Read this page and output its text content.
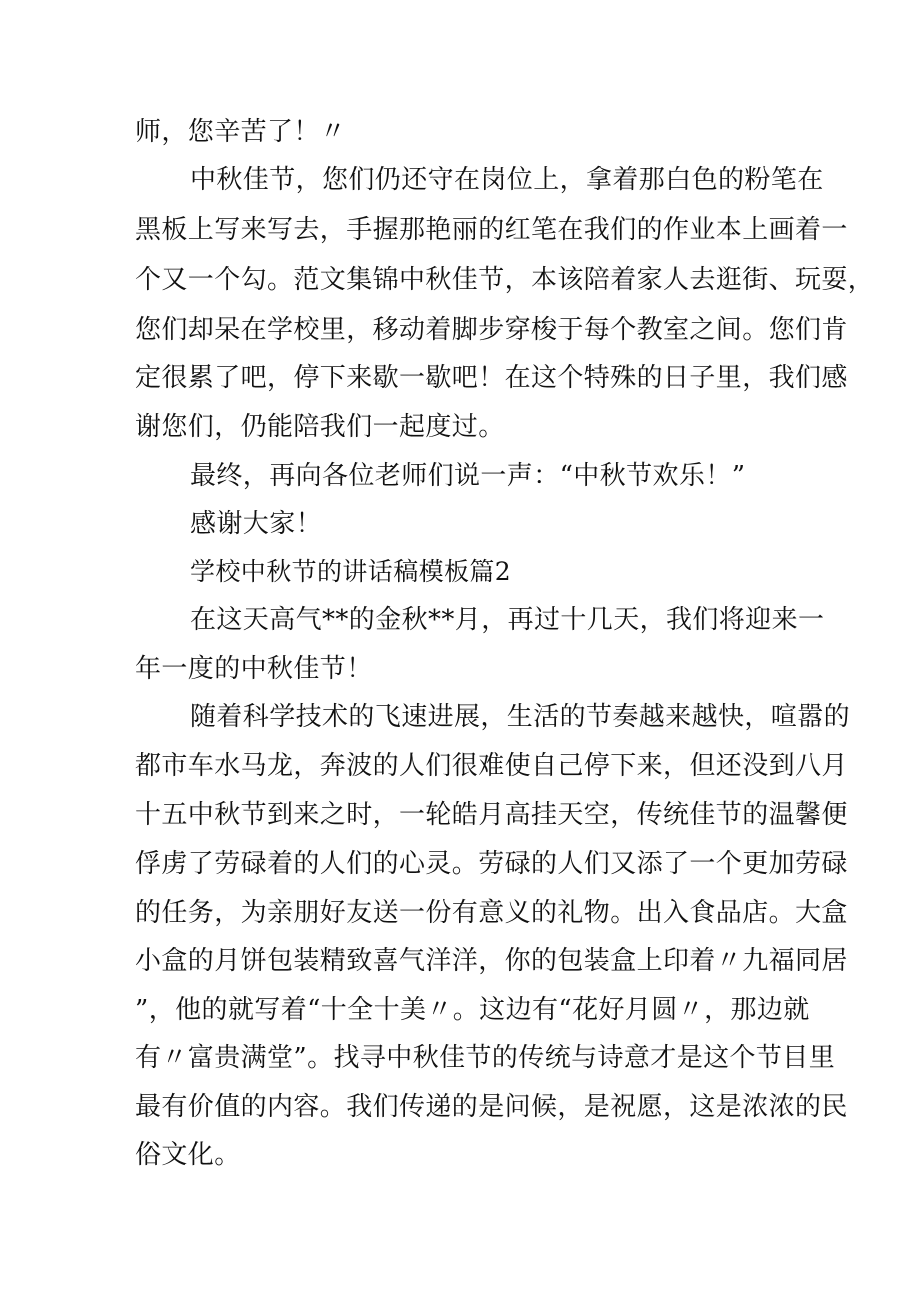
师，您辛苦了！〃
中秋佳节，您们仍还守在岗位上，拿着那白色的粉笔在
黑板上写来写去，手握那艳丽的红笔在我们的作业本上画着一
个又一个勾。范文集锦中秋佳节，本该陪着家人去逛街、玩耍，
您们却呆在学校里，移动着脚步穿梭于每个教室之间。您们肯
定很累了吧，停下来歇一歇吧！在这个特殊的日子里，我们感
谢您们，仍能陪我们一起度过。
最终，再向各位老师们说一声：“中秋节欢乐！”
感谢大家！
学校中秋节的讲话稿模板篇2
在这天高气**的金秋**月，再过十几天，我们将迎来一
年一度的中秋佳节！
随着科学技术的飞速进展，生活的节奏越来越快，喧嚣的
都市车水马龙，奔波的人们很难使自己停下来，但还没到八月
十五中秋节到来之时，一轮皓月高挂天空，传统佳节的温馨便
俘虏了劳碌着的人们的心灵。劳碌的人们又添了一个更加劳碌
的任务，为亲朋好友送一份有意义的礼物。出入食品店。大盒
小盒的月饼包装精致喜气洋洋，你的包装盒上印着〃九福同居
”，他的就写着“十全十美〃。这边有“花好月圆〃，那边就
有〃富贵满堂”。找寻中秋佳节的传统与诗意才是这个节目里
最有价值的内容。我们传递的是问候，是祝愿，这是浓浓的民
俗文化。
